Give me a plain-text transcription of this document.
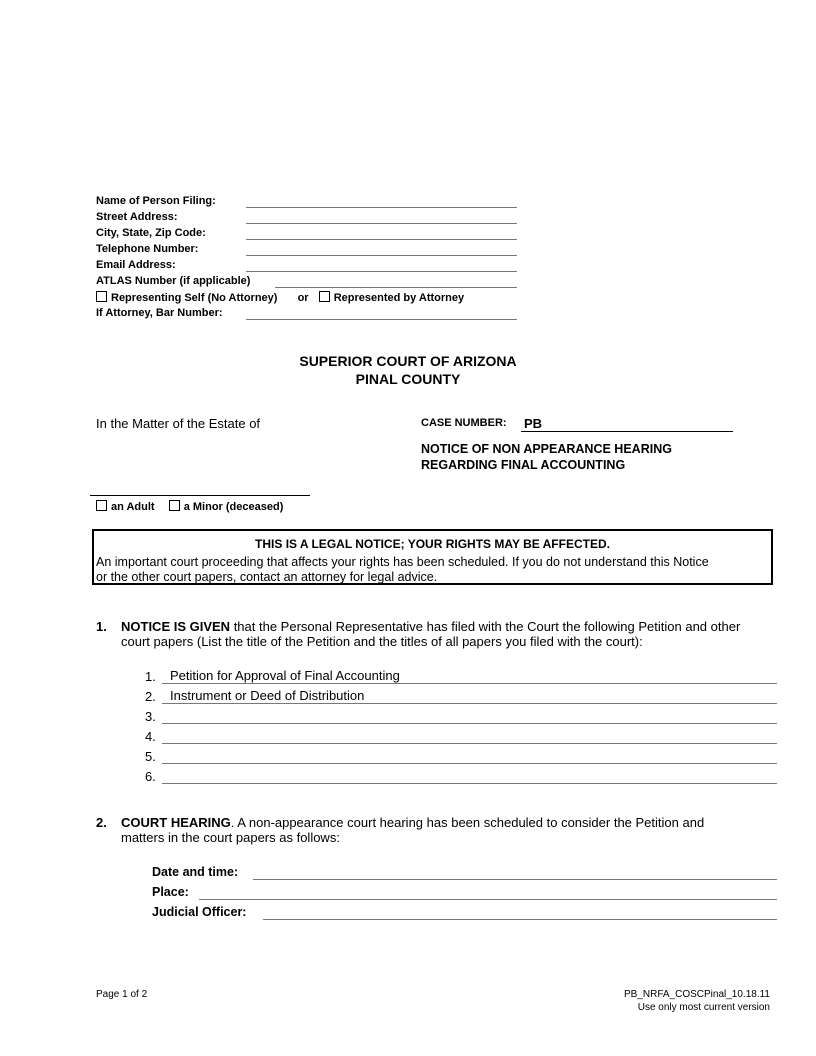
Name of Person Filing:
Street Address:
City, State, Zip Code:
Telephone Number:
Email Address:
ATLAS Number (if applicable)
Representing Self (No Attorney) or Represented by Attorney
If Attorney, Bar Number:
SUPERIOR COURT OF ARIZONA
PINAL COUNTY
In the Matter of the Estate of	CASE NUMBER: PB
NOTICE OF NON APPEARANCE HEARING
REGARDING FINAL ACCOUNTING
an Adult	a Minor (deceased)
THIS IS A LEGAL NOTICE; YOUR RIGHTS MAY BE AFFECTED.
An important court proceeding that affects your rights has been scheduled. If you do not understand this Notice
or the other court papers, contact an attorney for legal advice.
1. NOTICE IS GIVEN that the Personal Representative has filed with the Court the following Petition and other
court papers (List the title of the Petition and the titles of all papers you filed with the court):
1. Petition for Approval of Final Accounting
2. Instrument or Deed of Distribution
3.
4.
5.
6.
2. COURT HEARING. A non-appearance court hearing has been scheduled to consider the Petition and
matters in the court papers as follows:
Date and time:
Place:
Judicial Officer:
Page 1 of 2	PB_NRFA_COSCPinal_10.18.11
Use only most current version
